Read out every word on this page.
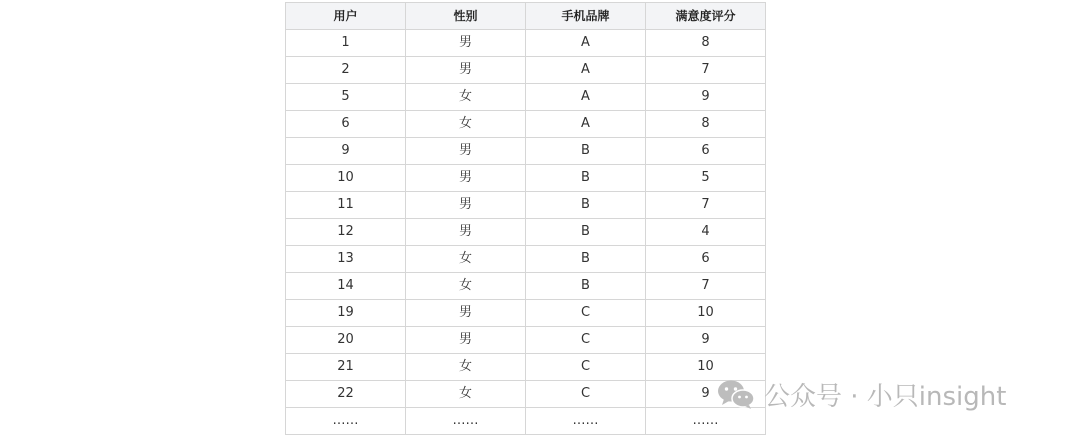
用户	性别	手机品牌	满意度评分
1	男	A	8
2	男	A	7
5	女	A	9
6	女	A	8
9	男	B	6
10	男	B	5
11	男	B	7
12	男	B	4
13	女	B	6
14	女	B	7
19	男	C	10
20	男	C	9
21	女	C	10
22	女	C	9
……	……	……	……
公众号 · 小只insight
